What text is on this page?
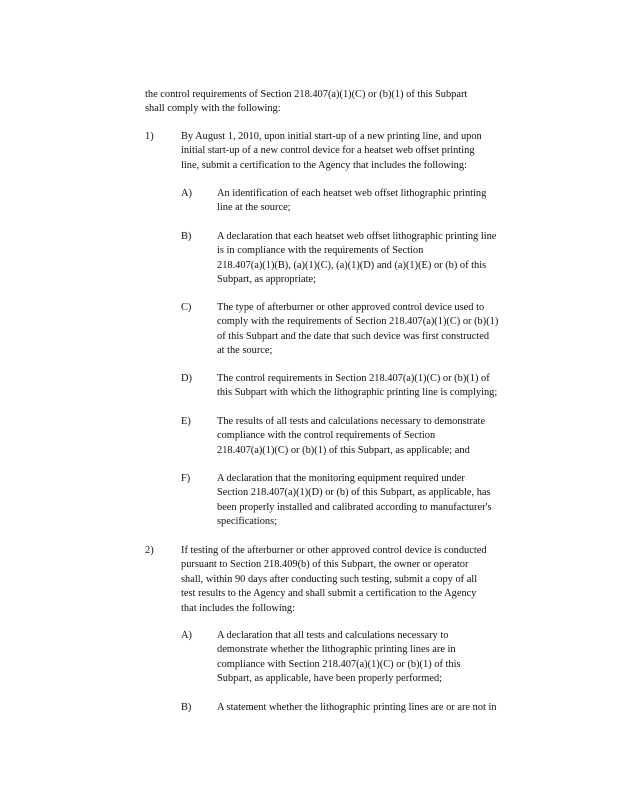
the control requirements of Section 218.407(a)(1)(C) or (b)(1) of this Subpart
shall comply with the following:

1)	By August 1, 2010, upon initial start-up of a new printing line, and upon
initial start-up of a new control device for a heatset web offset printing
line, submit a certification to the Agency that includes the following:

A) An identification of each heatset web offset lithographic printing
line at the source;

B) A declaration that each heatset web offset lithographic printing line
is in compliance with the requirements of Section
218.407(a)(1)(B), (a)(1)(C), (a)(1)(D) and (a)(1)(E) or (b) of this
Subpart, as appropriate;

C) The type of afterburner or other approved control device used to
comply with the requirements of Section 218.407(a)(1)(C) or (b)(1)
of this Subpart and the date that such device was first constructed
at the source;

D) The control requirements in Section 218.407(a)(1)(C) or (b)(1) of
this Subpart with which the lithographic printing line is complying;

E)	The results of all tests and calculations necessary to demonstrate
compliance with the control requirements of Section
218.407(a)(1)(C) or (b)(1) of this Subpart, as applicable; and

F)	A declaration that the monitoring equipment required under
Section 218.407(a)(1)(D) or (b) of this Subpart, as applicable, has
been properly installed and calibrated according to manufacturer's
specifications;

2)	If testing of the afterburner or other approved control device is conducted
pursuant to Section 218.409(b) of this Subpart, the owner or operator
shall, within 90 days after conducting such testing, submit a copy of all
test results to the Agency and shall submit a certification to the Agency
that includes the following:

A) A declaration that all tests and calculations necessary to
demonstrate whether the lithographic printing lines are in
compliance with Section 218.407(a)(1)(C) or (b)(1) of this
Subpart, as applicable, have been properly performed;

B) A statement whether the lithographic printing lines are or are not in
